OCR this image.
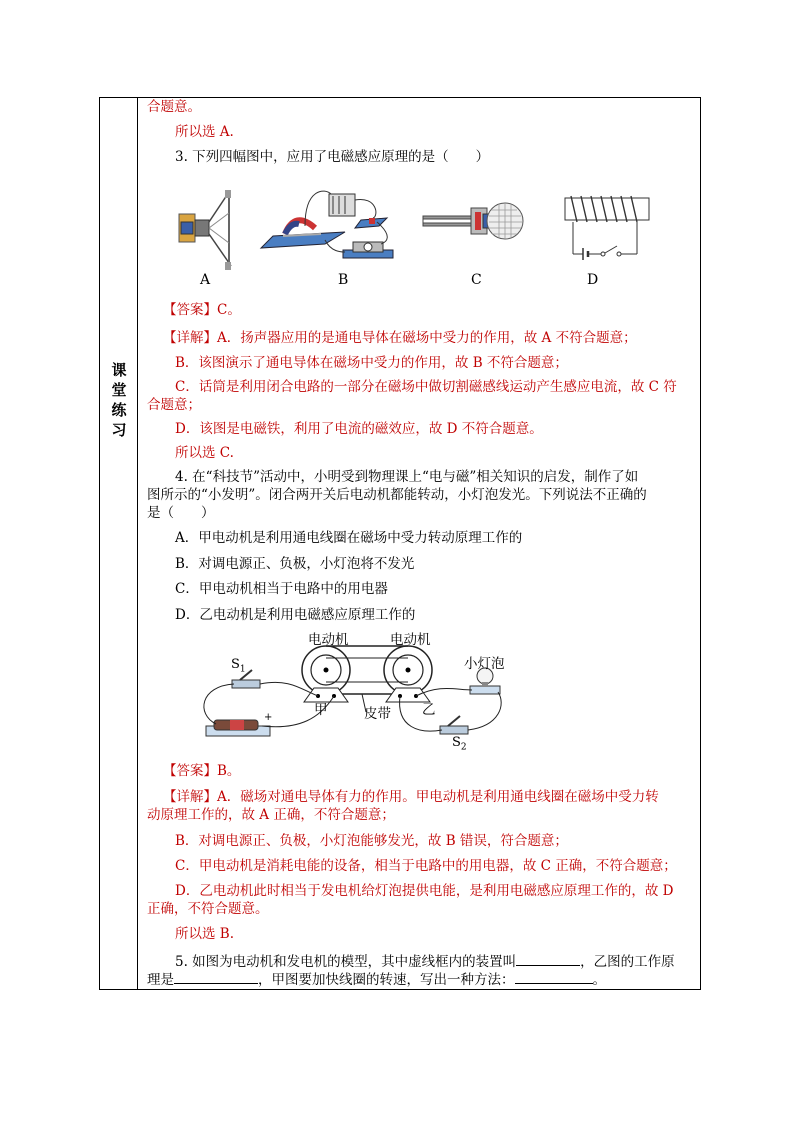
课
堂
练
习
合题意。
所以选 A.
3. 下列四幅图中，应用了电磁感应原理的是（　　）
A	B	C	D
【答案】C。
【详解】A．扬声器应用的是通电导体在磁场中受力的作用，故 A 不符合题意；
B．该图演示了通电导体在磁场中受力的作用，故 B 不符合题意；
C．话筒是利用闭合电路的一部分在磁场中做切割磁感线运动产生感应电流，故 C 符
合题意；
D．该图是电磁铁，利用了电流的磁效应，故 D 不符合题意。
所以选 C.
4. 在“科技节”活动中，小明受到物理课上“电与磁”相关知识的启发，制作了如
图所示的“小发明”。闭合两开关后电动机都能转动，小灯泡发光。下列说法不正确的
是（　　）
A．甲电动机是利用通电线圈在磁场中受力转动原理工作的
B．对调电源正、负极，小灯泡将不发光
C．甲电动机相当于电路中的用电器
D．乙电动机是利用电磁感应原理工作的
电动机	电动机
小灯泡
$S_1$
$S_2$
甲	乙
皮带
+
【答案】B。
【详解】A．磁场对通电导体有力的作用。甲电动机是利用通电线圈在磁场中受力转
动原理工作的，故 A 正确，不符合题意；
B．对调电源正、负极，小灯泡能够发光，故 B 错误，符合题意；
C．甲电动机是消耗电能的设备，相当于电路中的用电器，故 C 正确，不符合题意；
D．乙电动机此时相当于发电机给灯泡提供电能，是利用电磁感应原理工作的，故 D
正确，不符合题意。
所以选 B.
5. 如图为电动机和发电机的模型，其中虚线框内的装置叫	，乙图的工作原
理是	，甲图要加快线圈的转速，写出一种方法：	。
